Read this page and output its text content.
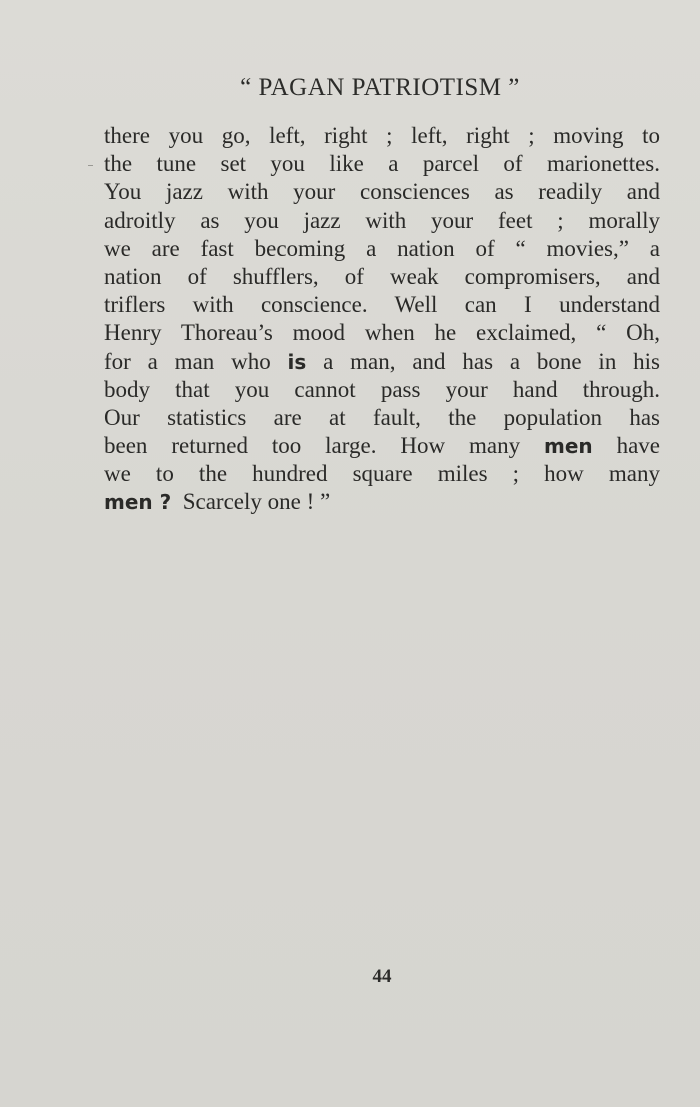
“ PAGAN PATRIOTISM ”
there you go, left, right ; left, right ; moving to
the tune set you like a parcel of marionettes.
You jazz with your consciences as readily and
adroitly as you jazz with your feet ; morally
we are fast becoming a nation of “ movies,” a
nation of shufflers, of weak compromisers, and
triflers with conscience. Well can I understand
Henry Thoreau’s mood when he exclaimed, “ Oh,
for a man who is a man, and has a bone in his
body that you cannot pass your hand through.
Our statistics are at fault, the population has
been returned too large. How many men have
we to the hundred square miles ; how many
men ?  Scarcely one ! ”
44
